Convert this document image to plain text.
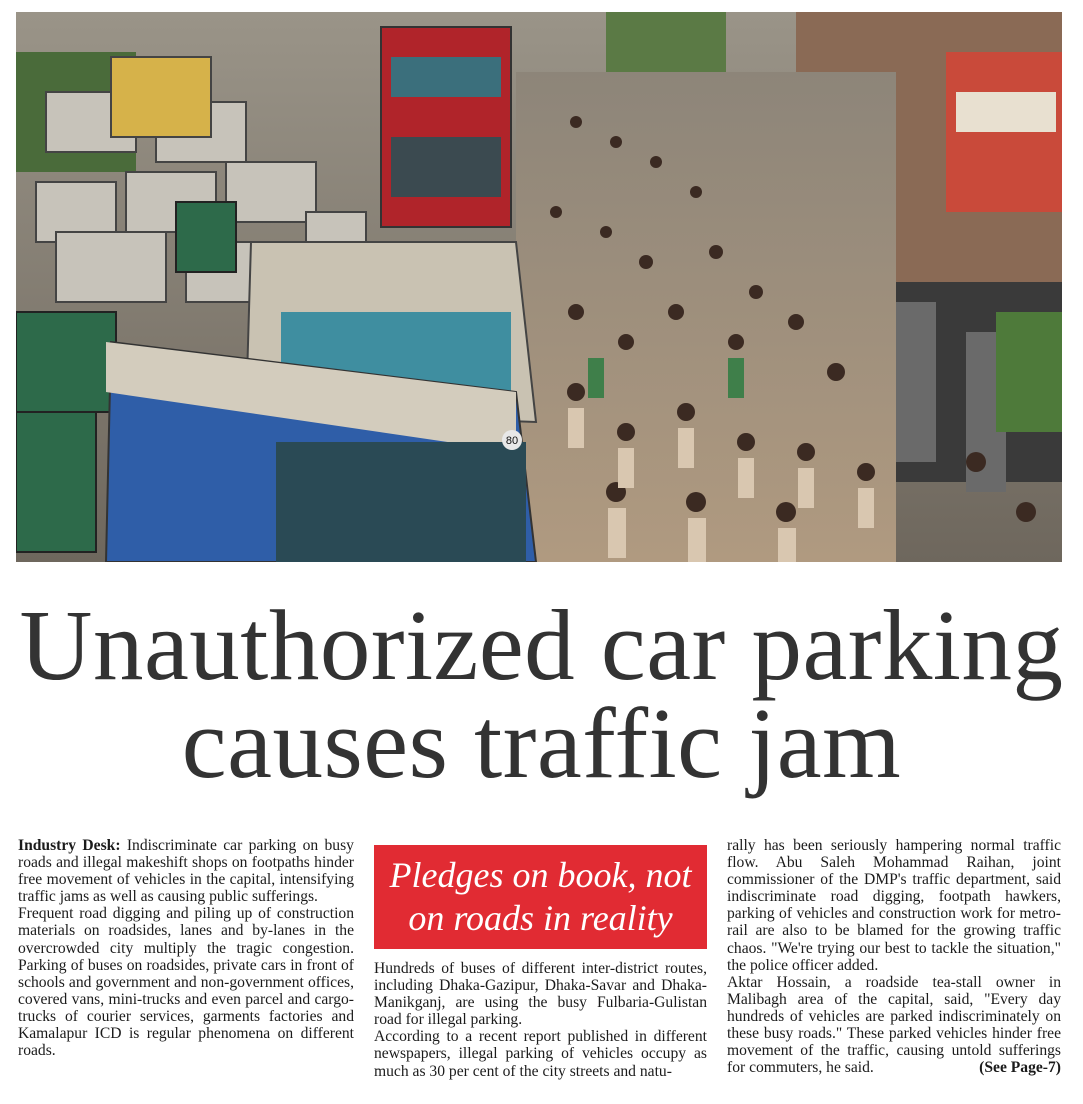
80
Unauthorized car parking
causes traffic jam

Industry Desk: Indiscriminate car parking on busy roads and illegal makeshift shops on footpaths hinder free movement of vehicles in the capital, intensifying traffic jams as well as causing public sufferings.

Frequent road digging and piling up of construction materials on roadsides, lanes and by-lanes in the overcrowded city multiply the tragic congestion. Parking of buses on roadsides, private cars in front of schools and government and non-government offices, covered vans, mini-trucks and even parcel and cargo-trucks of courier services, garments factories and Kamalapur ICD is regular phenomena on different roads.

Pledges on book, not
on roads in reality

Hundreds of buses of different inter-district routes, including Dhaka-Gazipur, Dhaka-Savar and Dhaka-Manikganj, are using the busy Fulbaria-Gulistan road for illegal parking.

According to a recent report published in different newspapers, illegal parking of vehicles occupy as much as 30 per cent of the city streets and natu-

rally has been seriously hampering normal traffic flow. Abu Saleh Mohammad Raihan, joint commissioner of the DMP's traffic department, said indiscriminate road digging, footpath hawkers, parking of vehicles and construction work for metro-rail are also to be blamed for the growing traffic chaos. "We're trying our best to tackle the situation," the police officer added.

Aktar Hossain, a roadside tea-stall owner in Malibagh area of the capital, said, "Every day hundreds of vehicles are parked indiscriminately on these busy roads." These parked vehicles hinder free movement of the traffic, causing untold sufferings for commuters, he said.	(See Page-7)
